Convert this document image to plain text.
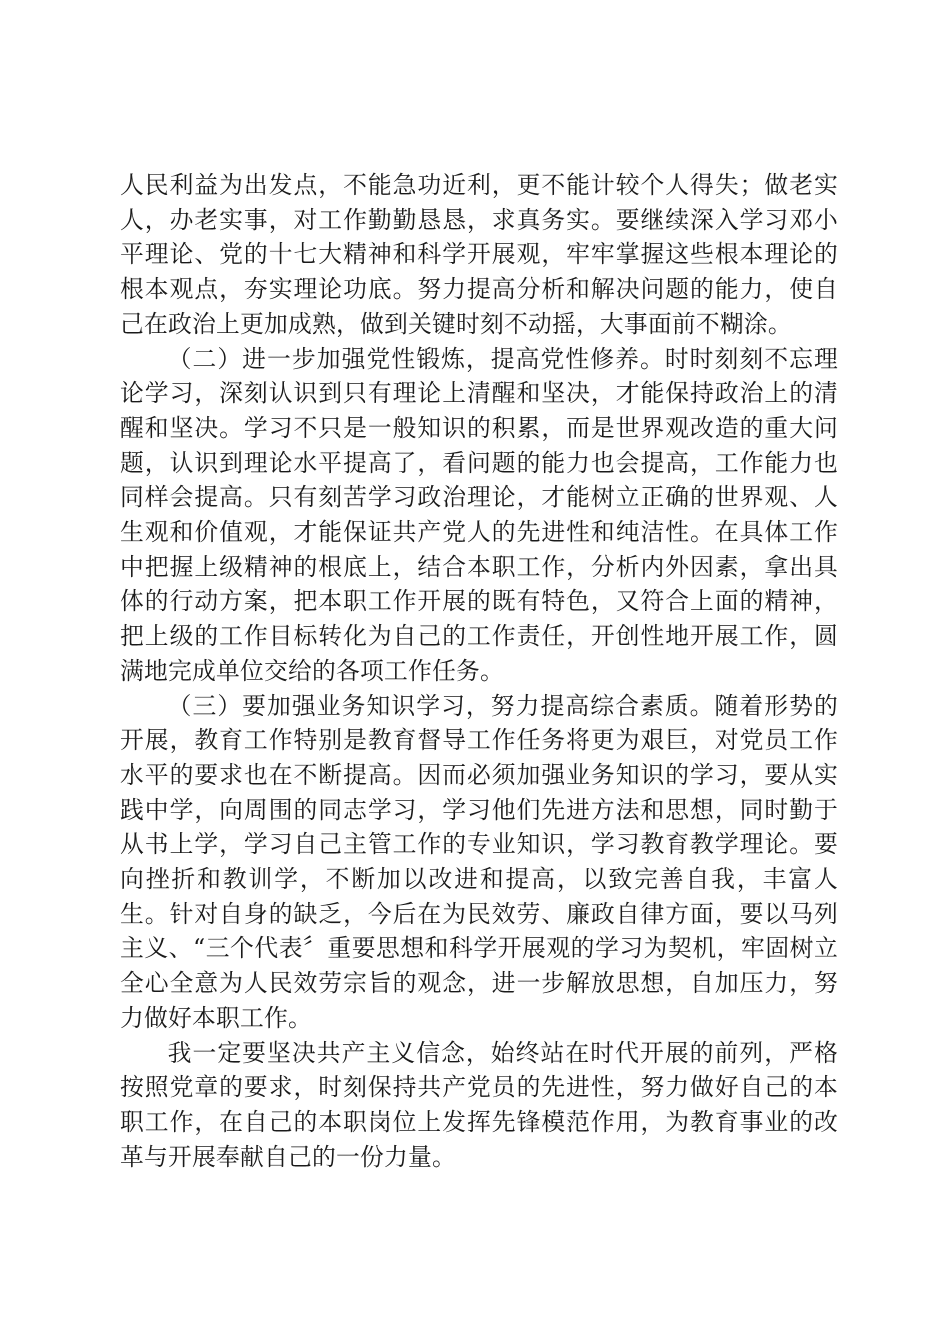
人民利益为出发点，不能急功近利，更不能计较个人得失；做老实人，办老实事，对工作勤勤恳恳，求真务实。要继续深入学习邓小平理论、党的十七大精神和科学开展观，牢牢掌握这些根本理论的根本观点，夯实理论功底。努力提高分析和解决问题的能力，使自己在政治上更加成熟，做到关键时刻不动摇，大事面前不糊涂。

（二）进一步加强党性锻炼，提高党性修养。时时刻刻不忘理论学习，深刻认识到只有理论上清醒和坚决，才能保持政治上的清醒和坚决。学习不只是一般知识的积累，而是世界观改造的重大问题，认识到理论水平提高了，看问题的能力也会提高，工作能力也同样会提高。只有刻苦学习政治理论，才能树立正确的世界观、人生观和价值观，才能保证共产党人的先进性和纯洁性。在具体工作中把握上级精神的根底上，结合本职工作，分析内外因素，拿出具体的行动方案，把本职工作开展的既有特色，又符合上面的精神，把上级的工作目标转化为自己的工作责任，开创性地开展工作，圆满地完成单位交给的各项工作任务。

（三）要加强业务知识学习，努力提高综合素质。随着形势的开展，教育工作特别是教育督导工作任务将更为艰巨，对党员工作水平的要求也在不断提高。因而必须加强业务知识的学习，要从实践中学，向周围的同志学习，学习他们先进方法和思想，同时勤于从书上学，学习自己主管工作的专业知识，学习教育教学理论。要向挫折和教训学，不断加以改进和提高，以致完善自我，丰富人生。针对自身的缺乏，今后在为民效劳、廉政自律方面，要以马列主义、“三个代表〞重要思想和科学开展观的学习为契机，牢固树立全心全意为人民效劳宗旨的观念，进一步解放思想，自加压力，努力做好本职工作。

我一定要坚决共产主义信念，始终站在时代开展的前列，严格按照党章的要求，时刻保持共产党员的先进性，努力做好自己的本职工作，在自己的本职岗位上发挥先锋模范作用，为教育事业的改革与开展奉献自己的一份力量。
